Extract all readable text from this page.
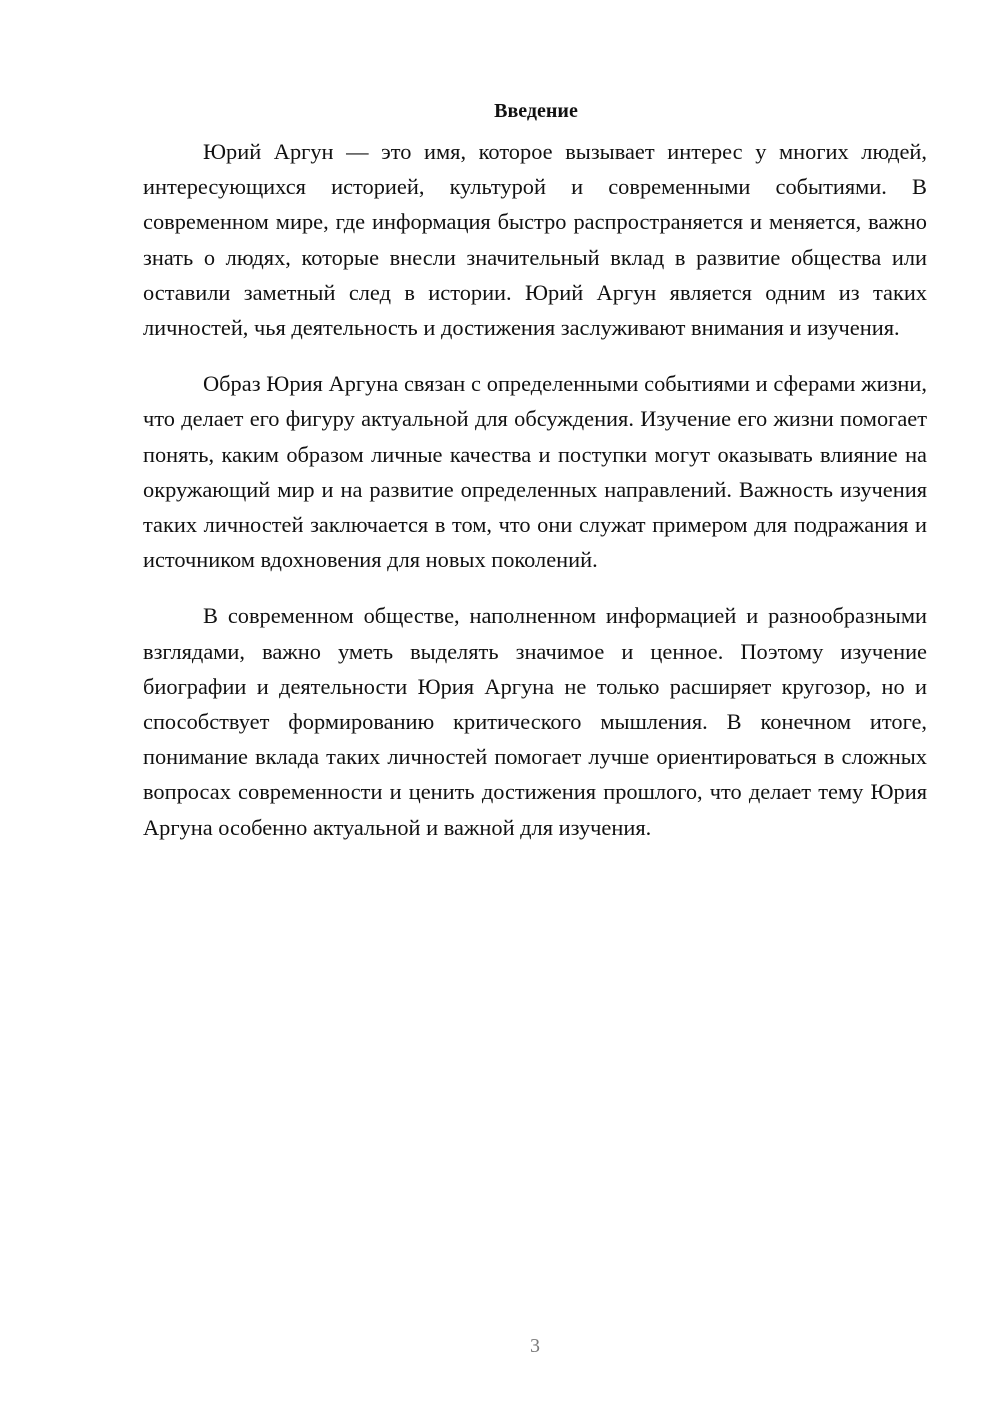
Введение

Юрий Аргун — это имя, которое вызывает интерес у многих людей, интересующихся историей, культурой и современными событиями. В современном мире, где информация быстро распространяется и меняется, важно знать о людях, которые внесли значительный вклад в развитие общества или оставили заметный след в истории. Юрий Аргун является одним из таких личностей, чья деятельность и достижения заслуживают внимания и изучения.

Образ Юрия Аргуна связан с определенными событиями и сферами жизни, что делает его фигуру актуальной для обсуждения. Изучение его жизни помогает понять, каким образом личные качества и поступки могут оказывать влияние на окружающий мир и на развитие определенных направлений. Важность изучения таких личностей заключается в том, что они служат примером для подражания и источником вдохновения для новых поколений.

В современном обществе, наполненном информацией и разнообразными взглядами, важно уметь выделять значимое и ценное. Поэтому изучение биографии и деятельности Юрия Аргуна не только расширяет кругозор, но и способствует формированию критического мышления. В конечном итоге, понимание вклада таких личностей помогает лучше ориентироваться в сложных вопросах современности и ценить достижения прошлого, что делает тему Юрия Аргуна особенно актуальной и важной для изучения.

3
